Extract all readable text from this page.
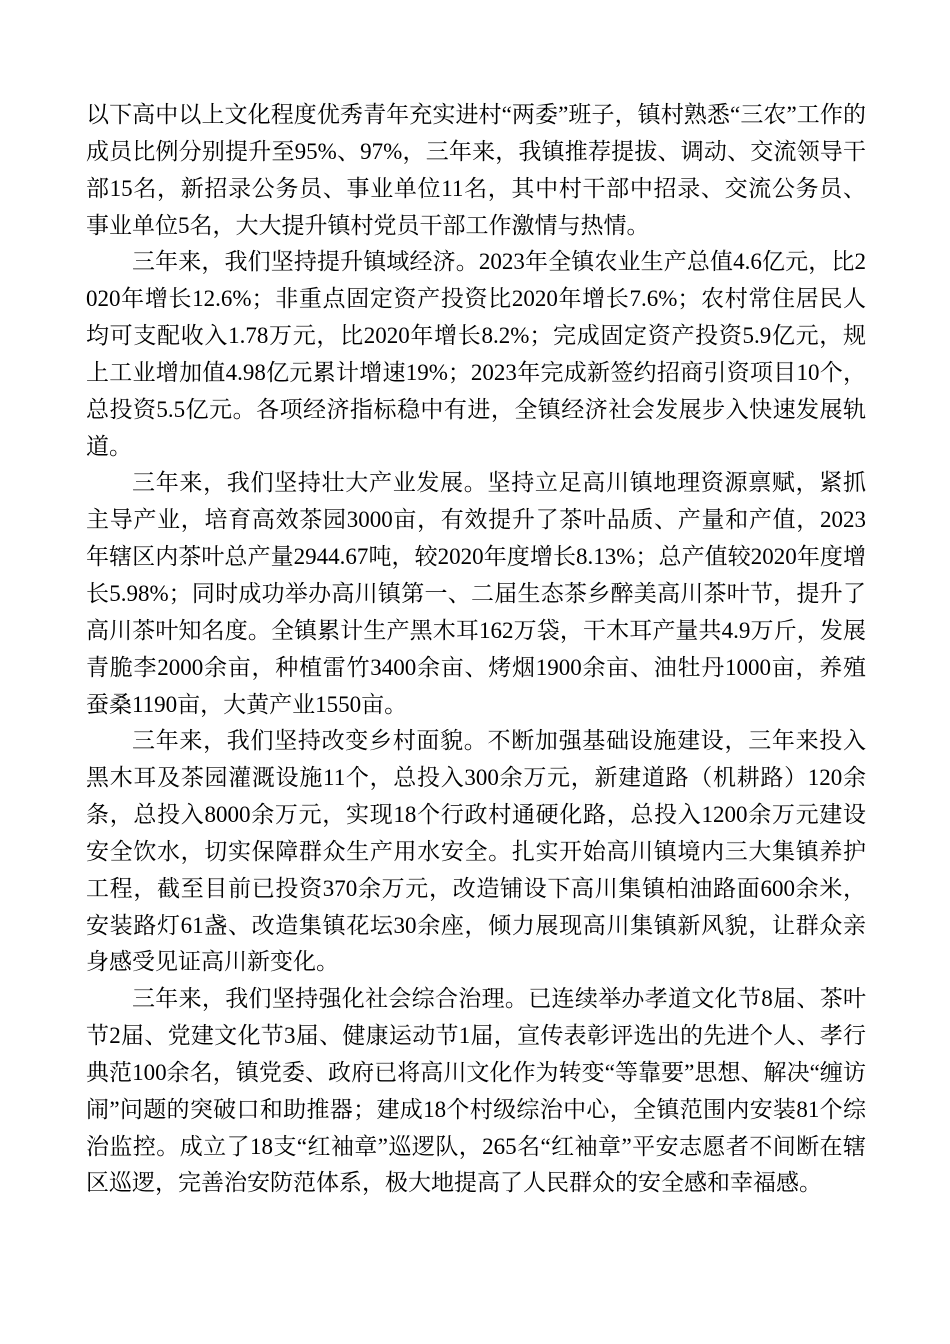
以下高中以上文化程度优秀青年充实进村“两委”班子，镇村熟悉“三农”工作的成员比例分别提升至95%、97%，三年来，我镇推荐提拔、调动、交流领导干部15名，新招录公务员、事业单位11名，其中村干部中招录、交流公务员、事业单位5名，大大提升镇村党员干部工作激情与热情。

三年来，我们坚持提升镇域经济。2023年全镇农业生产总值4.6亿元，比2020年增长12.6%；非重点固定资产投资比2020年增长7.6%；农村常住居民人均可支配收入1.78万元，比2020年增长8.2%；完成固定资产投资5.9亿元，规上工业增加值4.98亿元累计增速19%；2023年完成新签约招商引资项目10个，总投资5.5亿元。各项经济指标稳中有进，全镇经济社会发展步入快速发展轨道。

三年来，我们坚持壮大产业发展。坚持立足高川镇地理资源禀赋，紧抓主导产业，培育高效茶园3000亩，有效提升了茶叶品质、产量和产值，2023年辖区内茶叶总产量2944.67吨，较2020年度增长8.13%；总产值较2020年度增长5.98%；同时成功举办高川镇第一、二届生态茶乡醉美高川茶叶节，提升了高川茶叶知名度。全镇累计生产黑木耳162万袋，干木耳产量共4.9万斤，发展青脆李2000余亩，种植雷竹3400余亩、烤烟1900余亩、油牡丹1000亩，养殖蚕桑1190亩，大黄产业1550亩。

三年来，我们坚持改变乡村面貌。不断加强基础设施建设，三年来投入黑木耳及茶园灌溉设施11个，总投入300余万元，新建道路（机耕路）120余条，总投入8000余万元，实现18个行政村通硬化路，总投入1200余万元建设安全饮水，切实保障群众生产用水安全。扎实开始高川镇境内三大集镇养护工程，截至目前已投资370余万元，改造铺设下高川集镇柏油路面600余米，安装路灯61盏、改造集镇花坛30余座，倾力展现高川集镇新风貌，让群众亲身感受见证高川新变化。

三年来，我们坚持强化社会综合治理。已连续举办孝道文化节8届、茶叶节2届、党建文化节3届、健康运动节1届，宣传表彰评选出的先进个人、孝行典范100余名，镇党委、政府已将高川文化作为转变“等靠要”思想、解决“缠访闹”问题的突破口和助推器；建成18个村级综治中心，全镇范围内安装81个综治监控。成立了18支“红袖章”巡逻队，265名“红袖章”平安志愿者不间断在辖区巡逻，完善治安防范体系，极大地提高了人民群众的安全感和幸福感。
